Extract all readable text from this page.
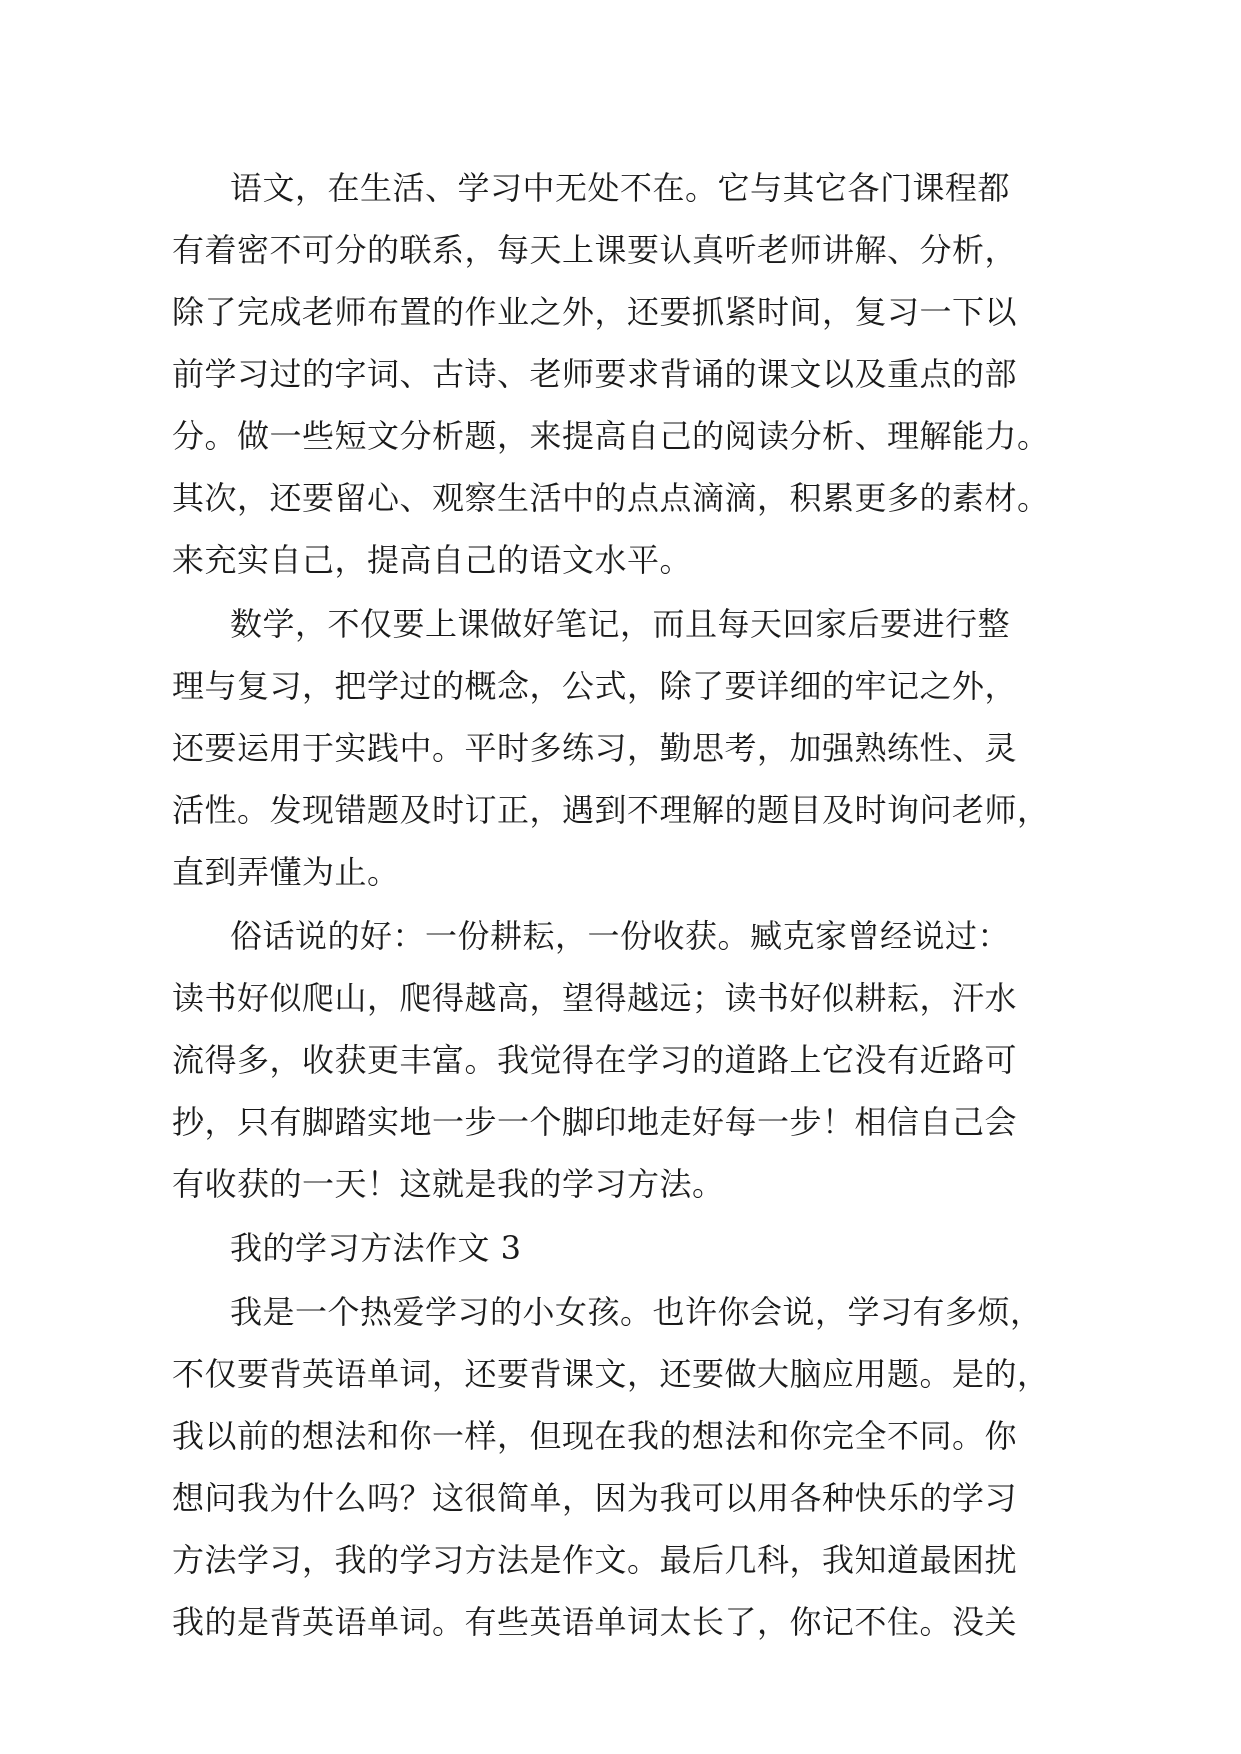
语文，在生活、学习中无处不在。它与其它各门课程都
有着密不可分的联系，每天上课要认真听老师讲解、分析，
除了完成老师布置的作业之外，还要抓紧时间，复习一下以
前学习过的字词、古诗、老师要求背诵的课文以及重点的部
分。做一些短文分析题，来提高自己的阅读分析、理解能力。
其次，还要留心、观察生活中的点点滴滴，积累更多的素材。
来充实自己，提高自己的语文水平。
数学，不仅要上课做好笔记，而且每天回家后要进行整
理与复习，把学过的概念，公式，除了要详细的牢记之外，
还要运用于实践中。平时多练习，勤思考，加强熟练性、灵
活性。发现错题及时订正，遇到不理解的题目及时询问老师，
直到弄懂为止。
俗话说的好：一份耕耘，一份收获。臧克家曾经说过：
读书好似爬山，爬得越高，望得越远；读书好似耕耘，汗水
流得多，收获更丰富。我觉得在学习的道路上它没有近路可
抄，只有脚踏实地一步一个脚印地走好每一步！相信自己会
有收获的一天！这就是我的学习方法。
我的学习方法作文 3
我是一个热爱学习的小女孩。也许你会说，学习有多烦，
不仅要背英语单词，还要背课文，还要做大脑应用题。是的，
我以前的想法和你一样，但现在我的想法和你完全不同。你
想问我为什么吗？这很简单，因为我可以用各种快乐的学习
方法学习，我的学习方法是作文。最后几科，我知道最困扰
我的是背英语单词。有些英语单词太长了，你记不住。没关
